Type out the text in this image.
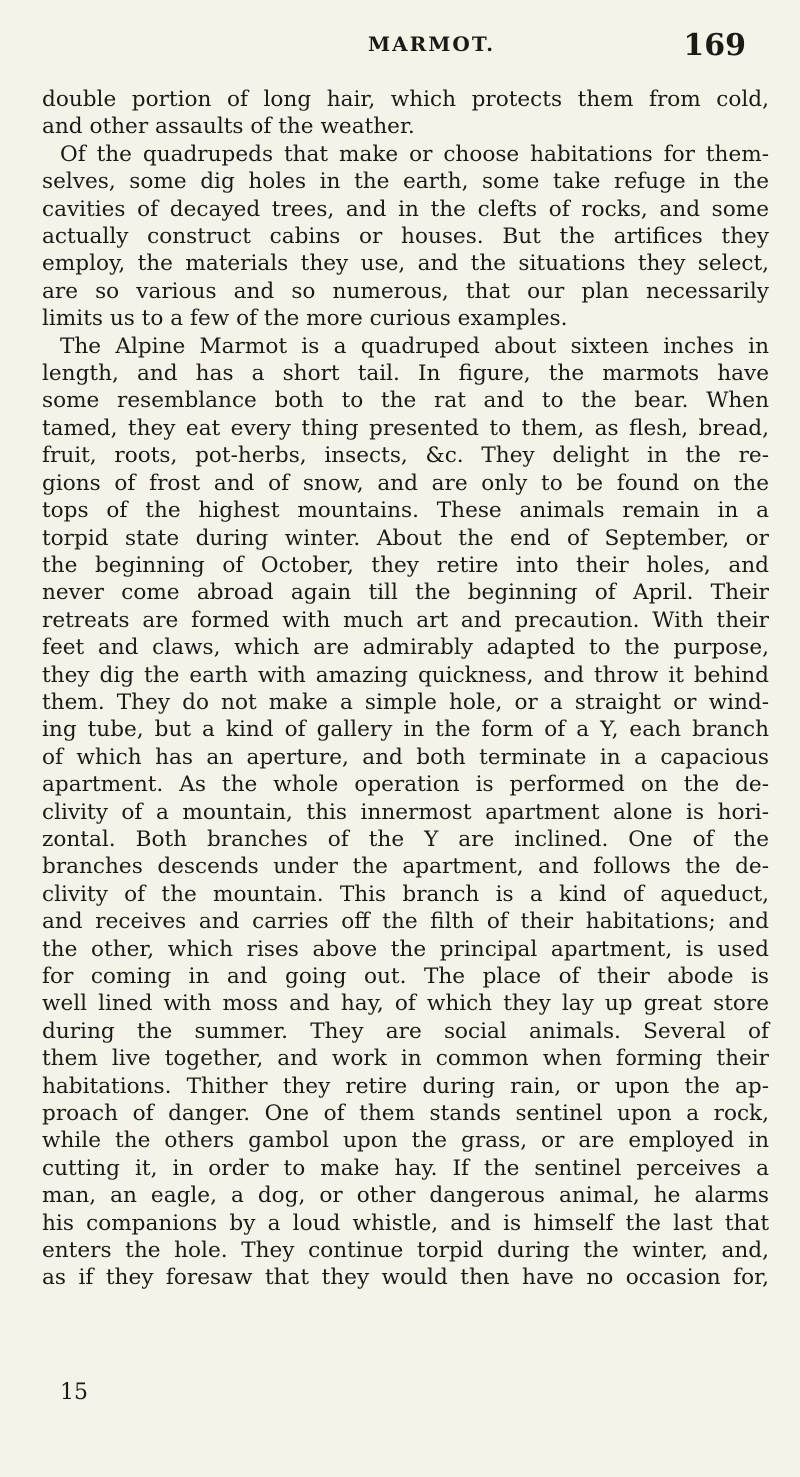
MARMOT.	169

double portion of long hair, which protects them from cold,

and other assaults of the weather.

Of the quadrupeds that make or choose habitations for them-

selves, some dig holes in the earth, some take refuge in the

cavities of decayed trees, and in the clefts of rocks, and some

actually construct cabins or houses. But the artifices they

employ, the materials they use, and the situations they select,

are so various and so numerous, that our plan necessarily

limits us to a few of the more curious examples.

The Alpine Marmot is a quadruped about sixteen inches in

length, and has a short tail. In figure, the marmots have

some resemblance both to the rat and to the bear. When

tamed, they eat every thing presented to them, as flesh, bread,

fruit, roots, pot-herbs, insects, &c. They delight in the re-

gions of frost and of snow, and are only to be found on the

tops of the highest mountains. These animals remain in a

torpid state during winter. About the end of September, or

the beginning of October, they retire into their holes, and

never come abroad again till the beginning of April. Their

retreats are formed with much art and precaution. With their

feet and claws, which are admirably adapted to the purpose,

they dig the earth with amazing quickness, and throw it behind

them. They do not make a simple hole, or a straight or wind-

ing tube, but a kind of gallery in the form of a Y, each branch

of which has an aperture, and both terminate in a capacious

apartment. As the whole operation is performed on the de-

clivity of a mountain, this innermost apartment alone is hori-

zontal. Both branches of the Y are inclined. One of the

branches descends under the apartment, and follows the de-

clivity of the mountain. This branch is a kind of aqueduct,

and receives and carries off the filth of their habitations; and

the other, which rises above the principal apartment, is used

for coming in and going out. The place of their abode is

well lined with moss and hay, of which they lay up great store

during the summer. They are social animals. Several of

them live together, and work in common when forming their

habitations. Thither they retire during rain, or upon the ap-

proach of danger. One of them stands sentinel upon a rock,

while the others gambol upon the grass, or are employed in

cutting it, in order to make hay. If the sentinel perceives a

man, an eagle, a dog, or other dangerous animal, he alarms

his companions by a loud whistle, and is himself the last that

enters the hole. They continue torpid during the winter, and,

as if they foresaw that they would then have no occasion for,

15
